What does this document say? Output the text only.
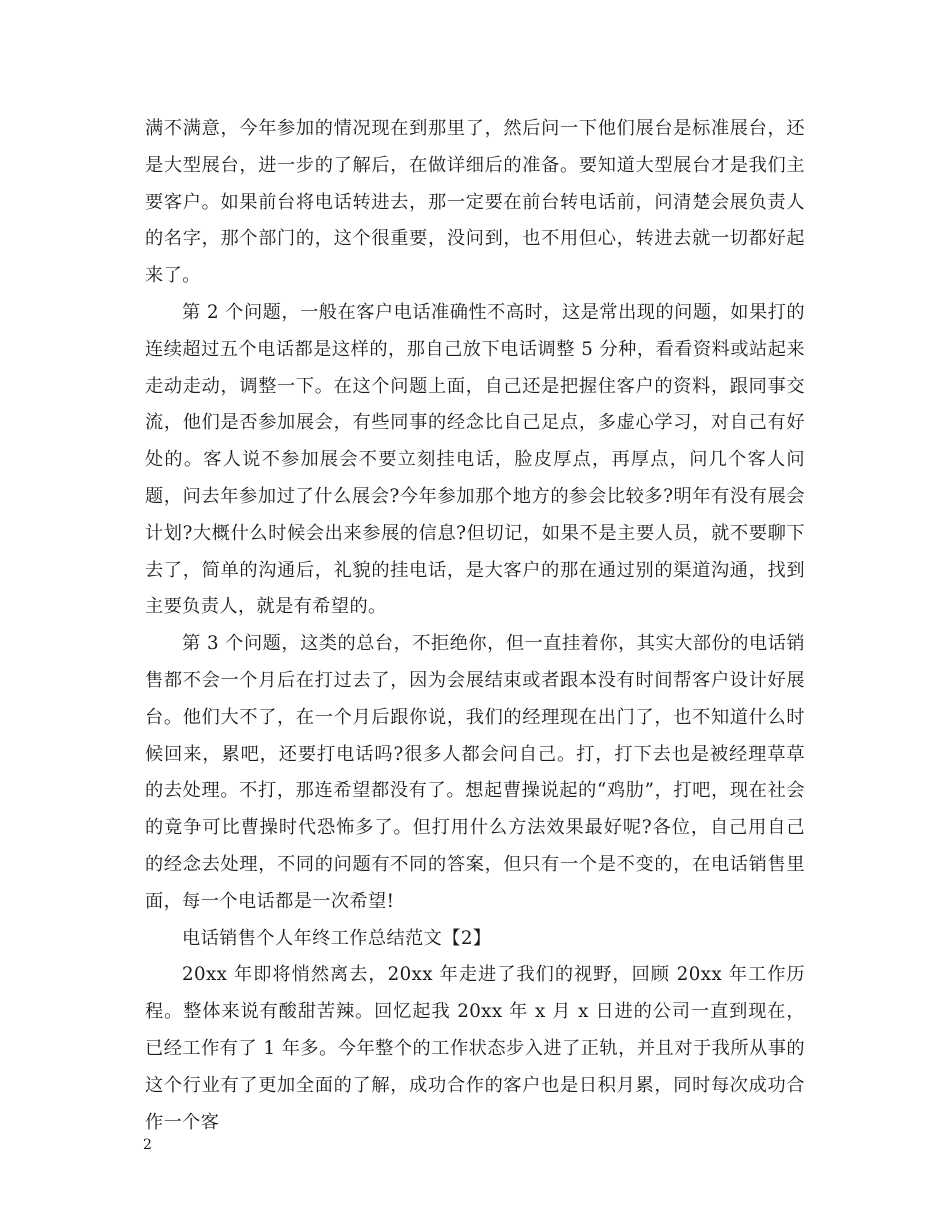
满不满意，今年参加的情况现在到那里了，然后问一下他们展台是标准展台，还是大型展台，进一步的了解后，在做详细后的准备。要知道大型展台才是我们主要客户。如果前台将电话转进去，那一定要在前台转电话前，问清楚会展负责人的名字，那个部门的，这个很重要，没问到，也不用但心，转进去就一切都好起来了。

第 2 个问题，一般在客户电话准确性不高时，这是常出现的问题，如果打的连续超过五个电话都是这样的，那自己放下电话调整 5 分种，看看资料或站起来走动走动，调整一下。在这个问题上面，自己还是把握住客户的资料，跟同事交流，他们是否参加展会，有些同事的经念比自己足点，多虚心学习，对自己有好处的。客人说不参加展会不要立刻挂电话，脸皮厚点，再厚点，问几个客人问题，问去年参加过了什么展会?今年参加那个地方的参会比较多?明年有没有展会计划?大概什么时候会出来参展的信息?但切记，如果不是主要人员，就不要聊下去了，简单的沟通后，礼貌的挂电话，是大客户的那在通过别的渠道沟通，找到主要负责人，就是有希望的。

第 3 个问题，这类的总台，不拒绝你，但一直挂着你，其实大部份的电话销售都不会一个月后在打过去了，因为会展结束或者跟本没有时间帮客户设计好展台。他们大不了，在一个月后跟你说，我们的经理现在出门了，也不知道什么时候回来，累吧，还要打电话吗?很多人都会问自己。打，打下去也是被经理草草的去处理。不打，那连希望都没有了。想起曹操说起的“鸡肋”，打吧，现在社会的竟争可比曹操时代恐怖多了。但打用什么方法效果最好呢?各位，自己用自己的经念去处理，不同的问题有不同的答案，但只有一个是不变的，在电话销售里面，每一个电话都是一次希望!

电话销售个人年终工作总结范文【2】

20xx 年即将悄然离去，20xx 年走进了我们的视野，回顾 20xx 年工作历程。整体来说有酸甜苦辣。回忆起我 20xx 年 x 月 x 日进的公司一直到现在，已经工作有了 1 年多。今年整个的工作状态步入进了正轨，并且对于我所从事的这个行业有了更加全面的了解，成功合作的客户也是日积月累，同时每次成功合作一个客

2
